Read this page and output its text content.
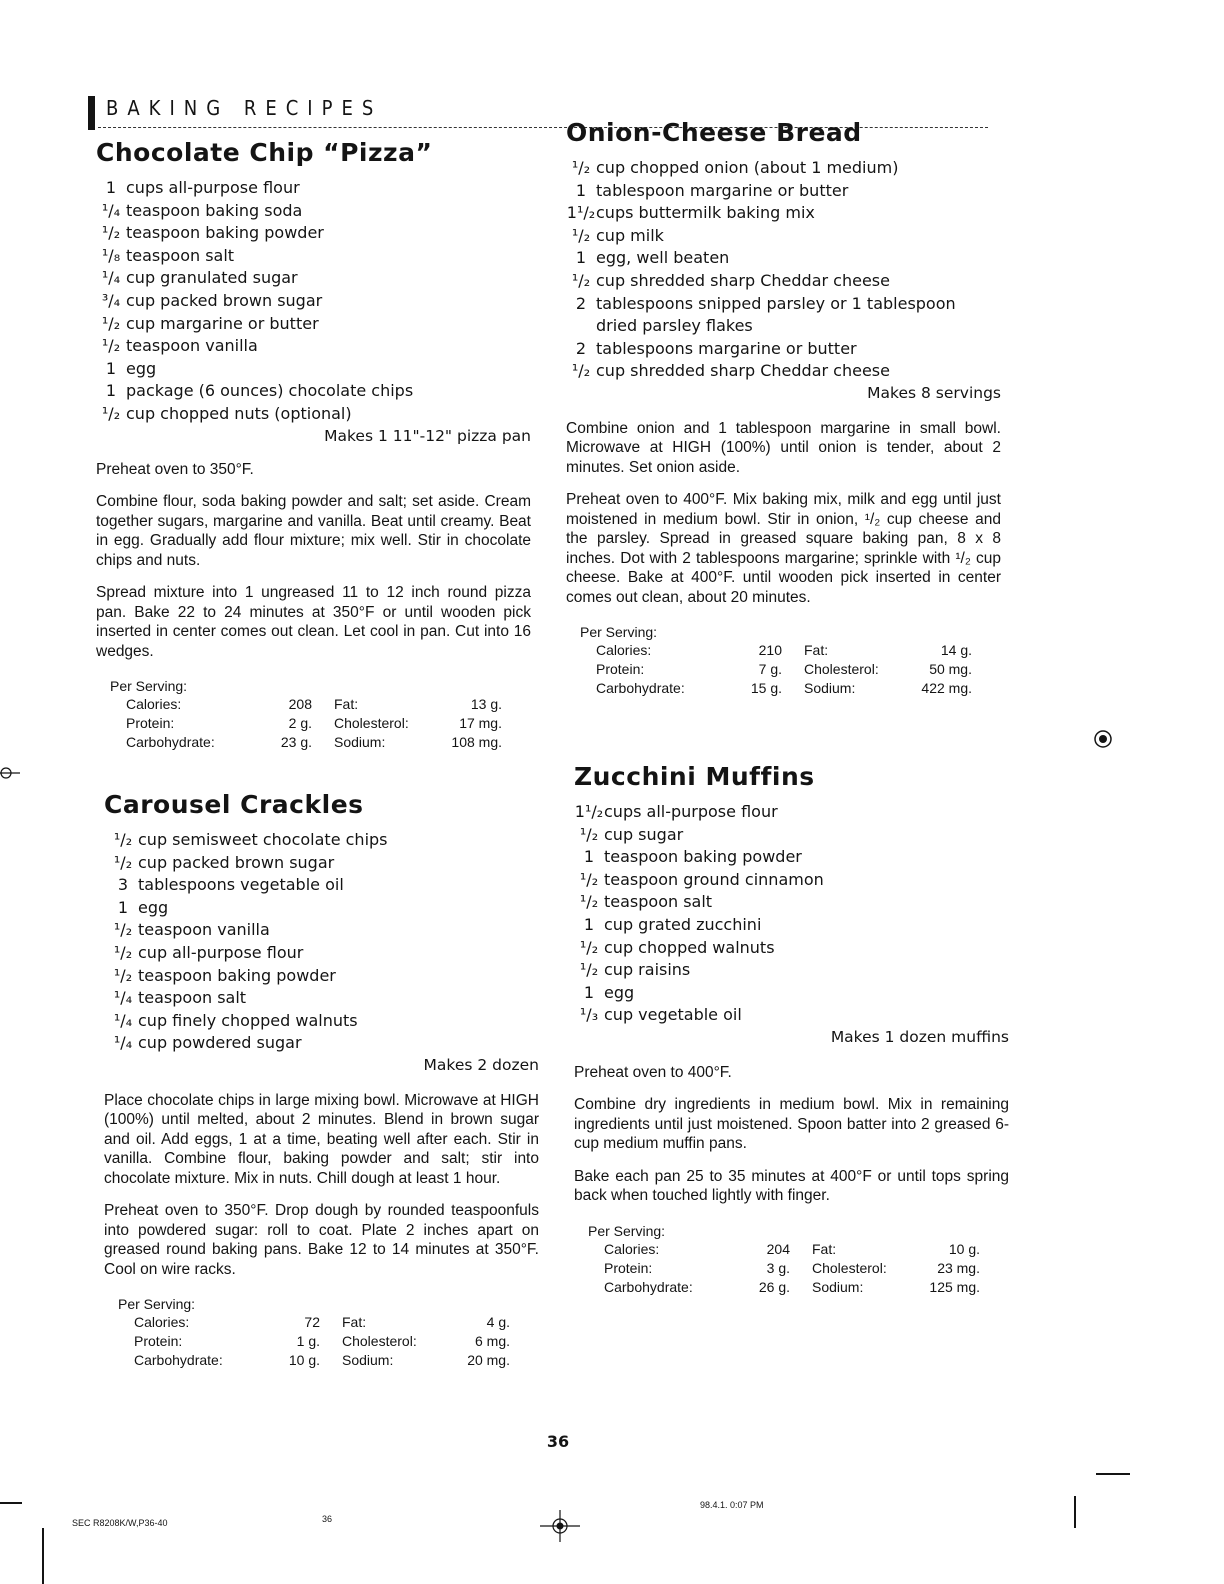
BAKING RECIPES
Chocolate Chip “Pizza”
1 cups all-purpose flour
¹/₄ teaspoon baking soda
¹/₂ teaspoon baking powder
¹/₈ teaspoon salt
¹/₄ cup granulated sugar
³/₄ cup packed brown sugar
¹/₂ cup margarine or butter
¹/₂ teaspoon vanilla
1 egg
1 package (6 ounces) chocolate chips
¹/₂ cup chopped nuts (optional)
Makes 1 11"-12" pizza pan

Preheat oven to 350°F.

Combine flour, soda baking powder and salt; set aside. Cream together sugars, margarine and vanilla. Beat until creamy. Beat in egg. Gradually add flour mixture; mix well. Stir in chocolate chips and nuts.

Spread mixture into 1 ungreased 11 to 12 inch round pizza pan. Bake 22 to 24 minutes at 350°F or until wooden pick inserted in center comes out clean. Let cool in pan. Cut into 16 wedges.

Per Serving:
Calories:	208	Fat:	13 g.
Protein:	2 g.	Cholesterol:	17 mg.
Carbohydrate:	23 g.	Sodium:	108 mg.
Carousel Crackles
¹/₂ cup semisweet chocolate chips
¹/₂ cup packed brown sugar
3 tablespoons vegetable oil
1 egg
¹/₂ teaspoon vanilla
¹/₂ cup all-purpose flour
¹/₂ teaspoon baking powder
¹/₄ teaspoon salt
¹/₄ cup finely chopped walnuts
¹/₄ cup powdered sugar
Makes 2 dozen

Place chocolate chips in large mixing bowl. Microwave at HIGH (100%) until melted, about 2 minutes. Blend in brown sugar and oil. Add eggs, 1 at a time, beating well after each. Stir in vanilla. Combine flour, baking powder and salt; stir into chocolate mixture. Mix in nuts. Chill dough at least 1 hour.

Preheat oven to 350°F. Drop dough by rounded teaspoonfuls into powdered sugar: roll to coat. Plate 2 inches apart on greased round baking pans. Bake 12 to 14 minutes at 350°F. Cool on wire racks.

Per Serving:
Calories:	72	Fat:	4 g.
Protein:	1 g.	Cholesterol:	6 mg.
Carbohydrate:	10 g.	Sodium:	20 mg.
Onion-Cheese Bread
¹/₂ cup chopped onion (about 1 medium)
1 tablespoon margarine or butter
1¹/₂ cups buttermilk baking mix
¹/₂ cup milk
1 egg, well beaten
¹/₂ cup shredded sharp Cheddar cheese
2 tablespoons snipped parsley or 1 tablespoon dried parsley flakes
2 tablespoons margarine or butter
¹/₂ cup shredded sharp Cheddar cheese
Makes 8 servings

Combine onion and 1 tablespoon margarine in small bowl. Microwave at HIGH (100%) until onion is tender, about 2 minutes. Set onion aside.

Preheat oven to 400°F. Mix baking mix, milk and egg until just moistened in medium bowl. Stir in onion, ¹/₂ cup cheese and the parsley. Spread in greased square baking pan, 8 x 8 inches. Dot with 2 tablespoons margarine; sprinkle with ¹/₂ cup cheese. Bake at 400°F. until wooden pick inserted in center comes out clean, about 20 minutes.

Per Serving:
Calories:	210	Fat:	14 g.
Protein:	7 g.	Cholesterol:	50 mg.
Carbohydrate:	15 g.	Sodium:	422 mg.
Zucchini Muffins
1¹/₂ cups all-purpose flour
¹/₂ cup sugar
1 teaspoon baking powder
¹/₂ teaspoon ground cinnamon
¹/₂ teaspoon salt
1 cup grated zucchini
¹/₂ cup chopped walnuts
¹/₂ cup raisins
1 egg
¹/₃ cup vegetable oil
Makes 1 dozen muffins

Preheat oven to 400°F.

Combine dry ingredients in medium bowl. Mix in remaining ingredients until just moistened. Spoon batter into 2 greased 6-cup medium muffin pans.

Bake each pan 25 to 35 minutes at 400°F or until tops spring back when touched lightly with finger.

Per Serving:
Calories:	204	Fat:	10 g.
Protein:	3 g.	Cholesterol:	23 mg.
Carbohydrate:	26 g.	Sodium:	125 mg.
36
SEC R8208K/W,P36-40	36
98.4.1. 0:07 PM
